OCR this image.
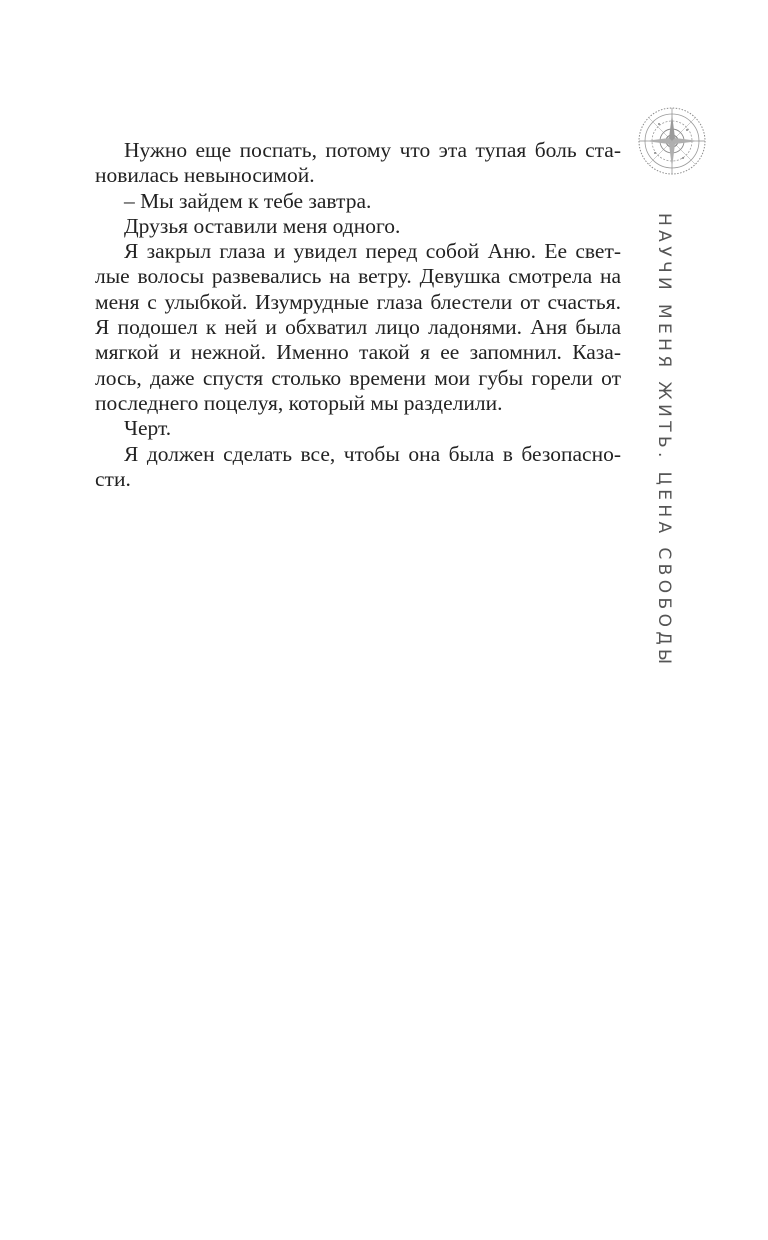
НАУЧИ МЕНЯ ЖИТЬ. ЦЕНА СВОБОДЫ
Нужно еще поспать, потому что эта тупая боль ста-
новилась невыносимой.
– Мы зайдем к тебе завтра.
Друзья оставили меня одного.
Я закрыл глаза и увидел перед собой Аню. Ее свет-
лые волосы развевались на ветру. Девушка смотрела на
меня с улыбкой. Изумрудные глаза блестели от счастья.
Я подошел к ней и обхватил лицо ладонями. Аня была
мягкой и нежной. Именно такой я ее запомнил. Каза-
лось, даже спустя столько времени мои губы горели от
последнего поцелуя, который мы разделили.
Черт.
Я должен сделать все, чтобы она была в безопасно-
сти.
